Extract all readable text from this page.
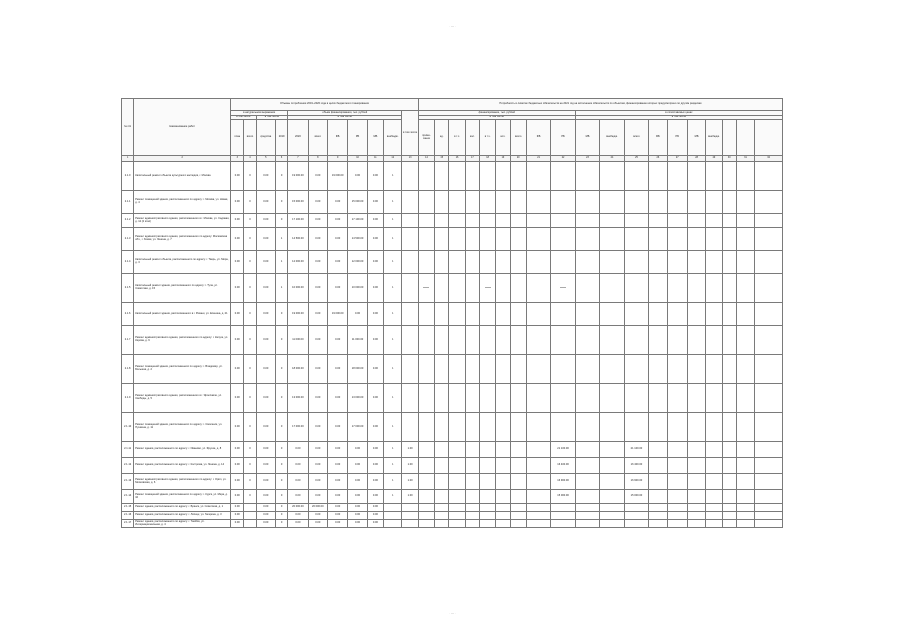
· — ·
№ п/п	Наименование работ	Объемы потребления 2019–2020 года в целях бюджетного планирования											Потребность в лимитах бюджетных обязательств на 2021 год на исполнение обязательств по объектам, финансирование которых предусмотрено по другим разделам																		
		в натуральном выражении				объем финансирования, тыс. рублей						в том числе	финансирование, тыс. рублей									в сопоставимых ценах									
		в том числе		в том числе		в том числе							в том числе									в том числе									
		план	всего	средства	2019	2020	всего	ФБ	РБ	МБ	внебюдж.		приме-чание	ед.	в т.ч.	кол.	в т.ч.	кол.	всего	ФБ	РБ	МБ	внебюдж.	всего	ФБ	РБ	МБ	внебюдж.			
1	2	3	4	5	6	7	8	9	10	11	12	13	14	15	16	17	18	19	20	21	22	23	24	25	26	27	28	29	30	31	32
2.1.0	Капитальный ремонт объекта культурного наследия, г. Москва	0.00	0	0.00	0	19 000.00	0.00	19 000.00	0.00	0.00	1																				
2.1.1	Ремонт помещений здания, расположенного по адресу: г. Москва, ул. Новая, д. 4	0.00	0	0.00	0	15 000.00	0.00	0.00	15 000.00	0.00	1																				
2.1.2	Ремонт административного здания, расположенного в г. Москве, ул. Садовая, д. 12 (2 этап)	0.00	0	0.00	0	17 100.00	0.00	0.00	17 100.00	0.00	1																				
2.1.3	Ремонт административного здания, расположенного по адресу: Московская обл., г. Химки, ул. Ленина, д. 7	0.00	0	0.00	1	14 500.00	0.00	0.00	14 500.00	0.00	1																				
2.1.4	Капитальный ремонт объекта, расположенного по адресу: г. Тверь, ул. Мира, д. 3	0.00	0	0.00	1	12 000.00	0.00	0.00	12 000.00	0.00	1																				
2.1.5	Капитальный ремонт здания, расположенного по адресу: г. Тула, ул. Советская, д. 15	0.00	0	0.00	1	10 000.00	0.00	0.00	10 000.00	0.00	1																				
2.1.6	Капитальный ремонт здания, расположенного в г. Рязани, ул. Есенина, д. 21	0.00	0	0.00	0	19 000.00	0.00	19 000.00	0.00	0.00	1																				
2.1.7	Ремонт административного здания, расположенного по адресу: г. Калуга, ул. Кирова, д. 9	0.00	0	0.00	0	11 000.00	0.00	0.00	11 000.00	0.00	1																				
2.1.8	Ремонт помещений здания, расположенного по адресу: г. Владимир, ул. Большая, д. 2	0.00	0	0.00	0	18 000.00	0.00	0.00	18 000.00	0.00	1																				
2.1.9	Ремонт административного здания, расположенного в г. Ярославле, ул. Свободы, д. 5	0.00	0	0.00	0	13 000.00	0.00	0.00	13 000.00	0.00	1																				
2.1.10	Ремонт помещений здания, расположенного по адресу: г. Смоленск, ул. Пушкина, д. 11	0.00	0	0.00	0	17 000.00	0.00	0.00	17 000.00	0.00	1																				
2.1.11	Ремонт здания, расположенного по адресу: г. Иваново, ул. Фрунзе, д. 8	0.00	0	0.00	0	0.00	0.00	0.00	0.00	0.00	1	1.00									21 100.00			21 100.00							
2.1.12	Ремонт здания, расположенного по адресу: г. Кострома, ул. Ленина, д. 14	0.00	0	0.00	0	0.00	0.00	0.00	0.00	0.00	1	1.00									16 400.00			16 400.00							
2.1.13	Ремонт административного здания, расположенного по адресу: г. Орёл, ул. Московская, д. 6	0.00	0	0.00	0	0.00	0.00	0.00	0.00	0.00	1	1.00									16 900.00			16 900.00							
2.1.14	Ремонт помещений здания, расположенного по адресу: г. Курск, ул. Мира, д. 10	0.00	0	0.00	0	0.00	0.00	0.00	0.00	0.00	1	1.00									15 000.00			15 000.00							
2.1.15	Ремонт здания, расположенного по адресу: г. Брянск, ул. Советская, д. 1	0.00		0.00	0	20 000.00	20 000.00	0.00	0.00	0.00																					
2.1.16	Ремонт здания, расположенного по адресу: г. Липецк, ул. Гагарина, д. 3	0.00		0.00	0	0.00	0.00	0.00	0.00	0.00																					
2.1.17	Ремонт здания, расположенного по адресу: г. Тамбов, ул. Интернациональная, д. 4	0.00		0.00	0	0.00	0.00	0.00	0.00	0.00																					
· — ·
